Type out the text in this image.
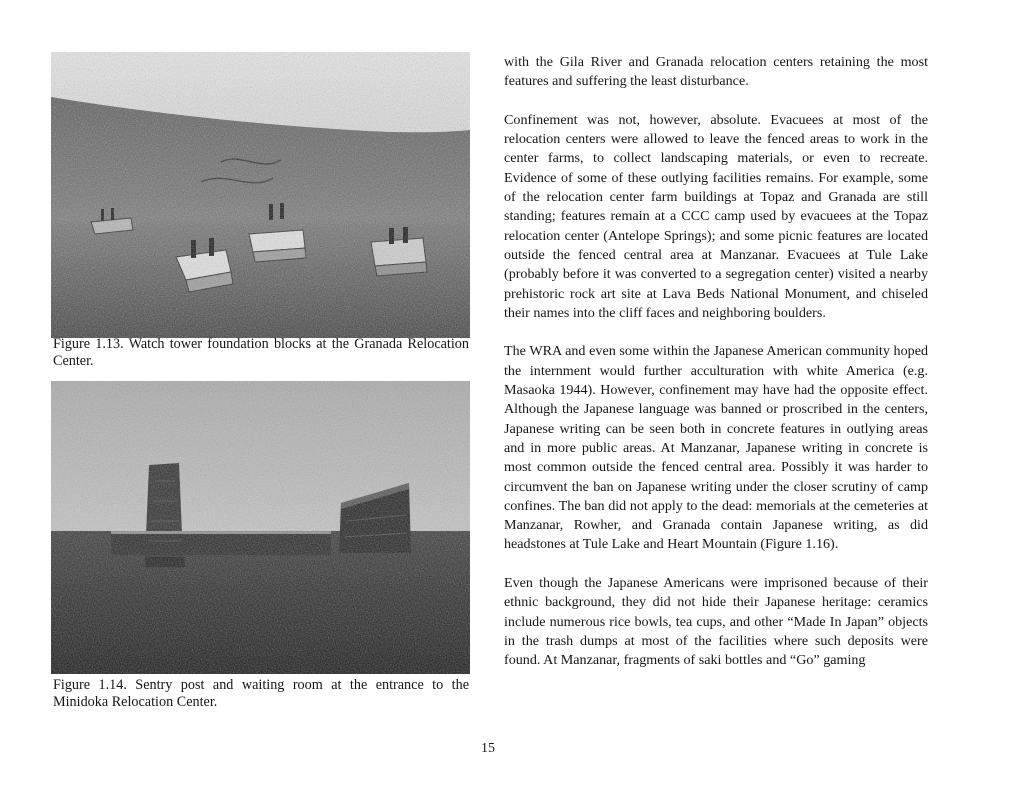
Figure 1.13. Watch tower foundation blocks at the Granada Relocation Center.

Figure 1.14. Sentry post and waiting room at the entrance to the Minidoka Relocation Center.

with the Gila River and Granada relocation centers retaining the most features and suffering the least disturbance.

Confinement was not, however, absolute. Evacuees at most of the relocation centers were allowed to leave the fenced areas to work in the center farms, to collect landscaping materials, or even to recreate. Evidence of some of these outlying facilities remains. For example, some of the relocation center farm buildings at Topaz and Granada are still standing; features remain at a CCC camp used by evacuees at the Topaz relocation center (Antelope Springs); and some picnic features are located outside the fenced central area at Manzanar. Evacuees at Tule Lake (probably before it was converted to a segregation center) visited a nearby prehistoric rock art site at Lava Beds National Monument, and chiseled their names into the cliff faces and neighboring boulders.

The WRA and even some within the Japanese American community hoped the internment would further acculturation with white America (e.g. Masaoka 1944). However, confinement may have had the opposite effect. Although the Japanese language was banned or proscribed in the centers, Japanese writing can be seen both in concrete features in outlying areas and in more public areas. At Manzanar, Japanese writing in concrete is most common outside the fenced central area. Possibly it was harder to circumvent the ban on Japanese writing under the closer scrutiny of camp confines. The ban did not apply to the dead: memorials at the cemeteries at Manzanar, Rowher, and Granada contain Japanese writing, as did headstones at Tule Lake and Heart Mountain (Figure 1.16).

Even though the Japanese Americans were imprisoned because of their ethnic background, they did not hide their Japanese heritage: ceramics include numerous rice bowls, tea cups, and other “Made In Japan” objects in the trash dumps at most of the facilities where such deposits were found. At Manzanar, fragments of saki bottles and “Go” gaming

15
